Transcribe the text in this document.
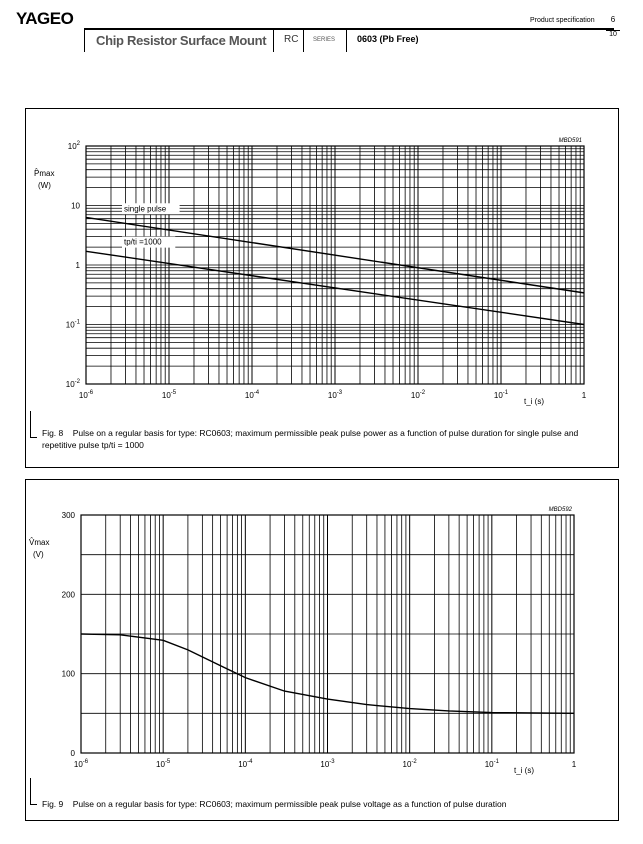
YAGEO	Product specification	6
10
Chip Resistor Surface Mount RC SERIES 0603 (Pb Free)
$10^{-6}$	$10^{-5}$	$10^{-4}$	$10^{-3}$	$10^{-2}$	$10^{-1}$	1
$10^{-2}$
$10^{-1}$
1
10
$10^2$	MBD591
t_i (s)
P̂max
(W)
single pulse
tp/ti =1000
Fig. 8 Pulse on a regular basis for type: RC0603; maximum permissible peak pulse power as a function of pulse duration for single pulse and repetitive pulse tp/ti = 1000
$10^{-6}$	$10^{-5}$	$10^{-4}$	$10^{-3}$	$10^{-2}$	$10^{-1}$	1
0
100
200
300
MBD592
t_i (s)
V̂max
(V)
Fig. 9 Pulse on a regular basis for type: RC0603; maximum permissible peak pulse voltage as a function of pulse duration
